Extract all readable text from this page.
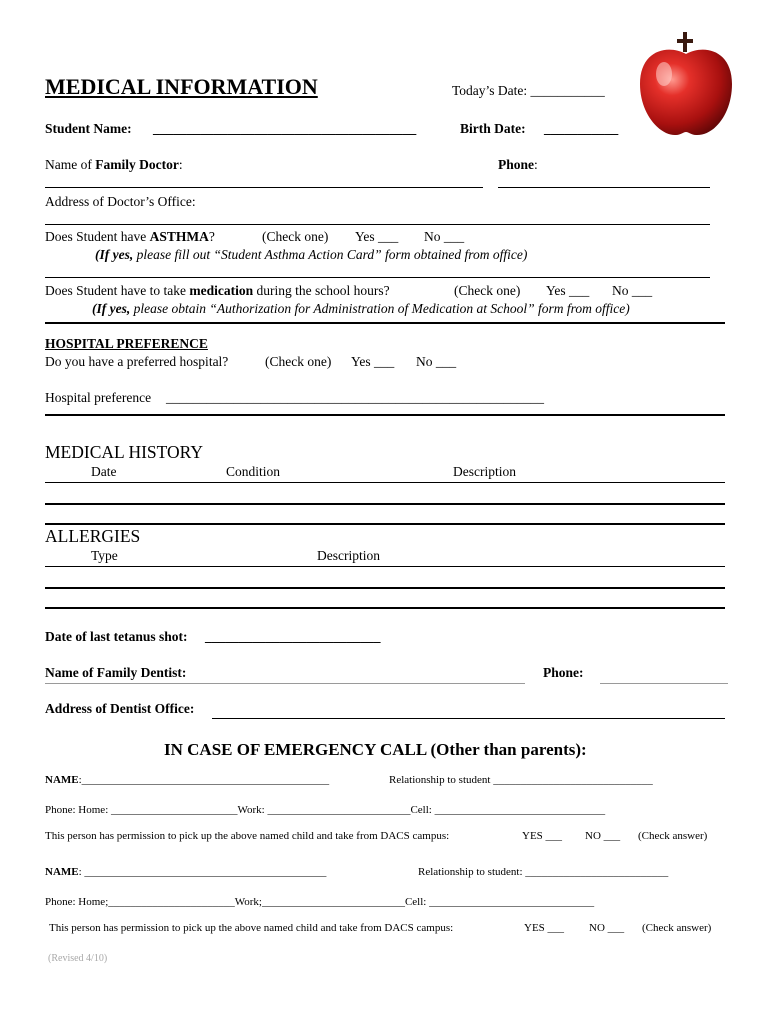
MEDICAL INFORMATION	Today’s Date: ___________
Student Name: _______________________________________	Birth Date: ___________
Name of Family Doctor:	Phone:
Address of Doctor’s Office:
Does Student have ASTHMA?	(Check one) Yes ___ No ___
(If yes, please fill out “Student Asthma Action Card” form obtained from office)
Does Student have to take medication during the school hours?	(Check one) Yes ___ No ___
(If yes, please obtain “Authorization for Administration of Medication at School” form from office)
HOSPITAL PREFERENCE
Do you have a preferred hospital?	(Check one) Yes ___ No ___
Hospital preference ________________________________________________________
MEDICAL HISTORY
Date	Condition	Description
ALLERGIES
Type	Description
Date of last tetanus shot: __________________________
Name of Family Dentist:	Phone:
Address of Dentist Office:
IN CASE OF EMERGENCY CALL (Other than parents):
NAME:_____________________________________________	Relationship to student _____________________________
Phone: Home: _______________________Work: __________________________Cell: _______________________________
This person has permission to pick up the above named child and take from DACS campus:	YES ___ NO ___ (Check answer)
NAME: ____________________________________________	Relationship to student: __________________________
Phone: Home;_______________________Work;__________________________Cell: ______________________________
This person has permission to pick up the above named child and take from DACS campus:	YES ___ NO ___ (Check answer)
(Revised 4/10)
